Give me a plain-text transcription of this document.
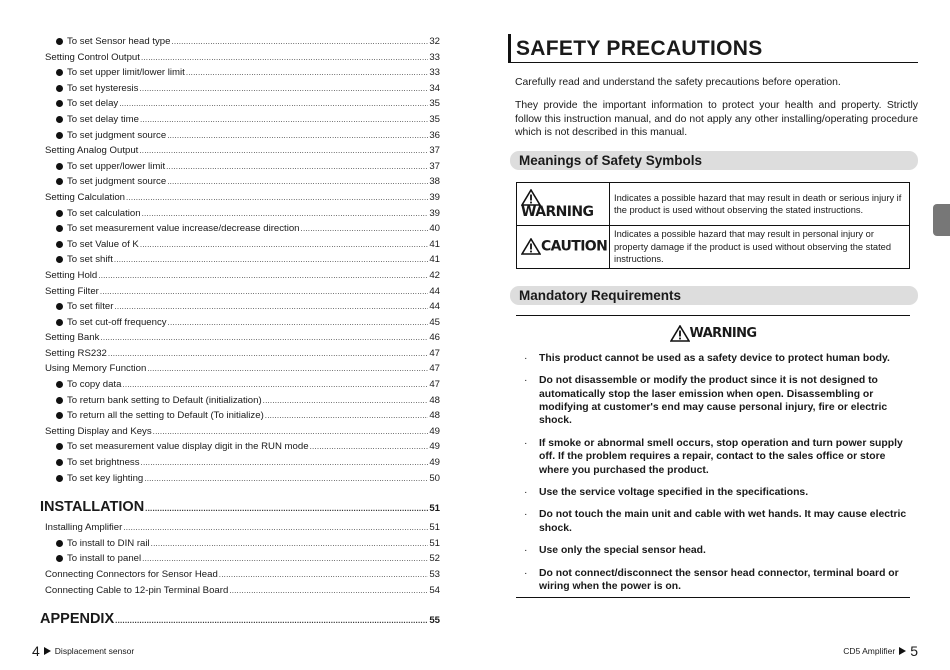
To set Sensor head type .....	32
Setting Control Output .....	33
To set upper limit/lower limit .....	33
To set hysteresis .....	34
To set delay .....	35
To set delay time .....	35
To set judgment source .....	36
Setting Analog Output .....	37
To set upper/lower limit .....	37
To set judgment source .....	38
Setting Calculation .....	39
To set calculation .....	39
To set measurement value increase/decrease direction .....	40
To set Value of K .....	41
To set shift .....	41
Setting Hold .....	42
Setting Filter .....	44
To set filter .....	44
To set cut-off frequency .....	45
Setting Bank .....	46
Setting RS232 .....	47
Using Memory Function .....	47
To copy data .....	47
To return bank setting to Default (initialization) .....	48
To return all the setting to Default (To initialize) .....	48
Setting Display and Keys .....	49
To set measurement value display digit in the RUN mode .....	49
To set brightness .....	49
To set key lighting .....	50
INSTALLATION .....	51
Installing Amplifier .....	51
To install to DIN rail .....	51
To install to panel .....	52
Connecting Connectors for Sensor Head .....	53
Connecting Cable to 12-pin Terminal Board .....	54
APPENDIX .....	55
4 Displacement sensor
SAFETY PRECAUTIONS
Carefully read and understand the safety precautions before operation.
They provide the important information to protect your health and property. Strictly follow this instruction manual, and do not apply any other installing/operating procedure which is not described in this manual.
Meanings of Safety Symbols
WARNING	Indicates a possible hazard that may result in death or serious injury if the product is used without observing the stated instructions.
CAUTION	Indicates a possible hazard that may result in personal injury or property damage if the product is used without observing the stated instructions.
Mandatory Requirements
WARNING
· This product cannot be used as a safety device to protect human body.
· Do not disassemble or modify the product since it is not designed to automatically stop the laser emission when open. Disassembling or modifying at customer's end may cause personal injury, fire or electric shock.
· If smoke or abnormal smell occurs, stop operation and turn power supply off. If the problem requires a repair, contact to the sales office or store where you purchased the product.
· Use the service voltage specified in the specifications.
· Do not touch the main unit and cable with wet hands. It may cause electric shock.
· Use only the special sensor head.
· Do not connect/disconnect the sensor head connector, terminal board or wiring when the power is on.
CD5 Amplifier 5
